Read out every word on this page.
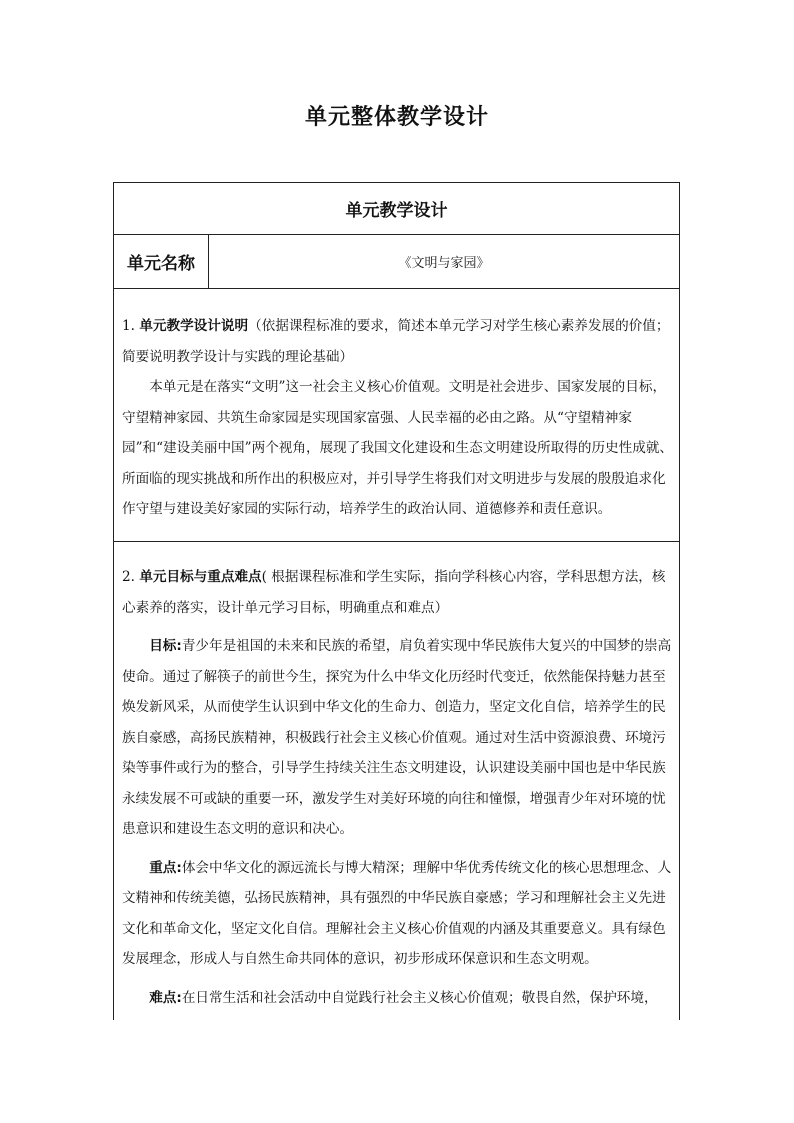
单元整体教学设计
单元教学设计
单元名称	《文明与家园》

1. 单元教学设计说明（依据课程标准的要求，简述本单元学习对学生核心素养发展的价值；简要说明教学设计与实践的理论基础）

本单元是在落实“文明”这一社会主义核心价值观。文明是社会进步、国家发展的目标，守望精神家园、共筑生命家园是实现国家富强、人民幸福的必由之路。从“守望精神家园”和“建设美丽中国”两个视角，展现了我国文化建设和生态文明建设所取得的历史性成就、所面临的现实挑战和所作出的积极应对，并引导学生将我们对文明进步与发展的殷殷追求化作守望与建设美好家园的实际行动，培养学生的政治认同、道德修养和责任意识。

2. 单元目标与重点难点( 根据课程标准和学生实际，指向学科核心内容，学科思想方法，核心素养的落实，设计单元学习目标，明确重点和难点）

目标:青少年是祖国的未来和民族的希望，肩负着实现中华民族伟大复兴的中国梦的崇高使命。通过了解筷子的前世今生，探究为什么中华文化历经时代变迁，依然能保持魅力甚至焕发新风采，从而使学生认识到中华文化的生命力、创造力，坚定文化自信，培养学生的民族自豪感，高扬民族精神，积极践行社会主义核心价值观。通过对生活中资源浪费、环境污染等事件或行为的整合，引导学生持续关注生态文明建设，认识建设美丽中国也是中华民族永续发展不可或缺的重要一环，激发学生对美好环境的向往和憧憬，增强青少年对环境的忧患意识和建设生态文明的意识和决心。

重点:体会中华文化的源远流长与博大精深；理解中华优秀传统文化的核心思想理念、人文精神和传统美德，弘扬民族精神，具有强烈的中华民族自豪感；学习和理解社会主义先进文化和革命文化，坚定文化自信。理解社会主义核心价值观的内涵及其重要意义。具有绿色发展理念，形成人与自然生命共同体的意识，初步形成环保意识和生态文明观。

难点:在日常生活和社会活动中自觉践行社会主义核心价值观；敬畏自然，保护环境，
